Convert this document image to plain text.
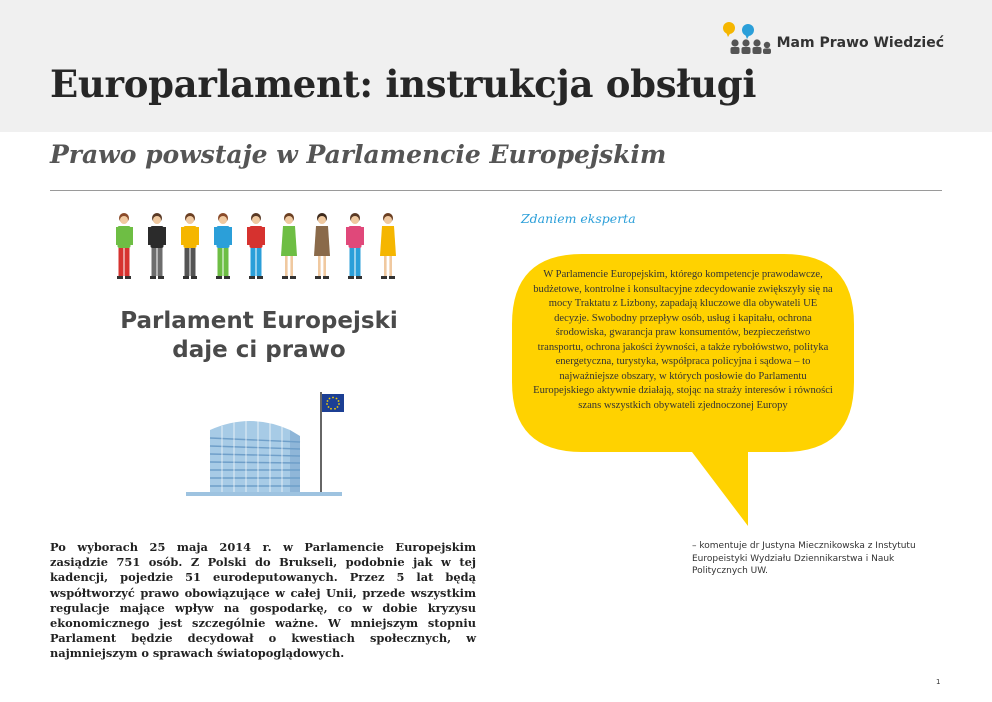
Mam Prawo Wiedzieć
Europarlament: instrukcja obsługi
Prawo powstaje w Parlamencie Europejskim
Parlament Europejski
daje ci prawo

Po wyborach 25 maja 2014 r. w Parlamencie Europejskim zasiądzie 751 osób. Z Polski do Brukseli, podobnie jak w tej kadencji, pojedzie 51 eurodeputowanych. Przez 5 lat będą współtworzyć prawo obowiązujące w całej Unii, przede wszystkim regulacje mające wpływ na gospodarkę, co w dobie kryzysu ekonomicznego jest szczególnie ważne. W mniejszym stopniu Parlament będzie decydował o kwestiach społecznych, w najmniejszym o sprawach światopoglądowych.

Zdaniem eksperta

W Parlamencie Europejskim, którego kompetencje prawodawcze, budżetowe, kontrolne i konsultacyjne zdecydowanie zwiększyły się na mocy Traktatu z Lizbony, zapadają kluczowe dla obywateli UE decyzje. Swobodny przepływ osób, usług i kapitału, ochrona środowiska, gwarancja praw konsumentów, bezpieczeństwo transportu, ochrona jakości żywności, a także rybołówstwo, polityka energetyczna, turystyka, współpraca policyjna i sądowa – to najważniejsze obszary, w których posłowie do Parlamentu Europejskiego aktywnie działają, stojąc na straży interesów i równości szans wszystkich obywateli zjednoczonej Europy

– komentuje dr Justyna Miecznikowska z Instytutu Europeistyki Wydziału Dziennikarstwa i Nauk Politycznych UW.

1
